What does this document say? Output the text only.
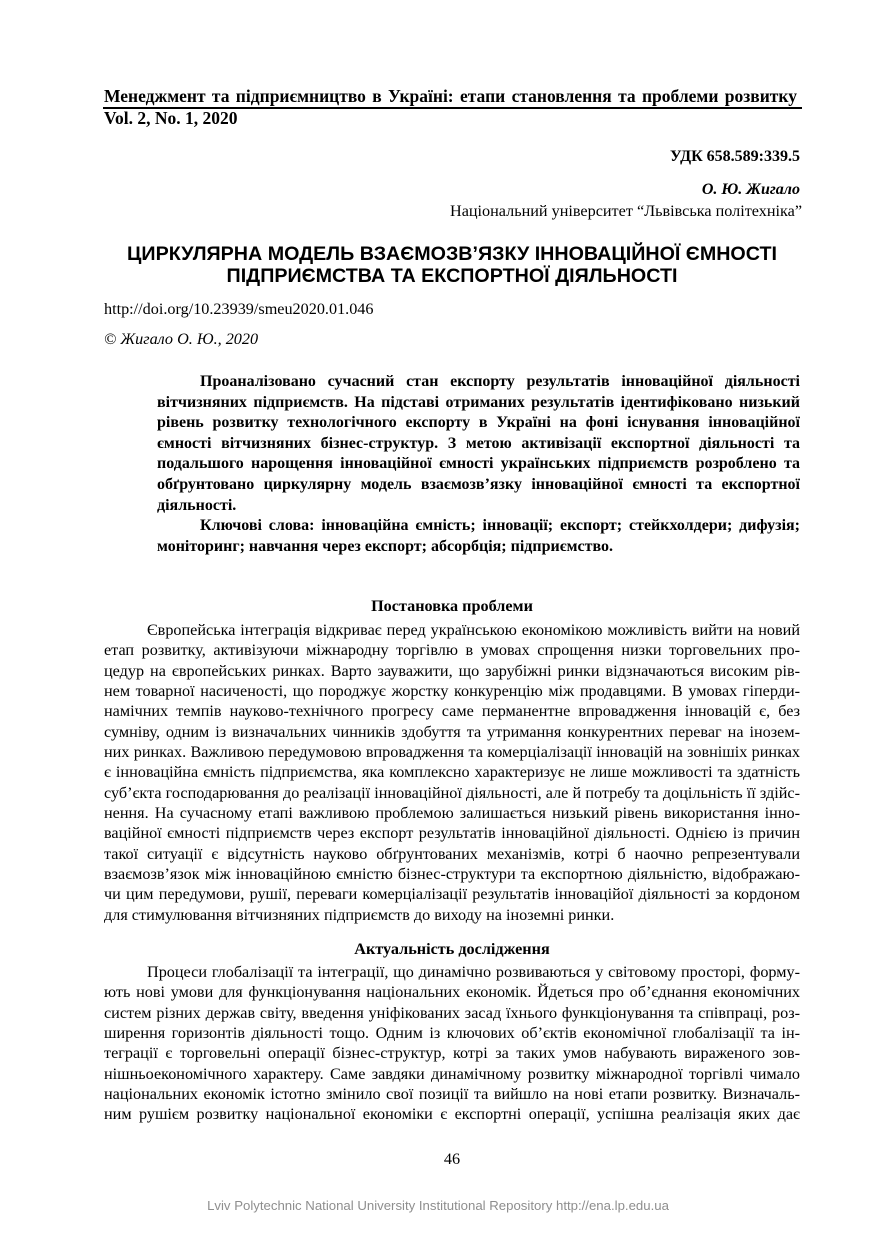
Менеджмент та підприємництво в Україні: етапи становлення та проблеми розвитку
Vol. 2, No. 1, 2020
УДК 658.589:339.5
О. Ю. Жигало
Національний університет “Львівська політехніка”
ЦИРКУЛЯРНА МОДЕЛЬ ВЗАЄМОЗВ’ЯЗКУ ІННОВАЦІЙНОЇ ЄМНОСТІ
ПІДПРИЄМСТВА ТА ЕКСПОРТНОЇ ДІЯЛЬНОСТІ
http://doi.org/10.23939/smeu2020.01.046
© Жигало О. Ю., 2020
Проаналізовано сучасний стан експорту результатів інноваційної діяльності
вітчизняних підприємств. На підставі отриманих результатів ідентифіковано низький
рівень розвитку технологічного експорту в Україні на фоні існування інноваційної
ємності вітчизняних бізнес-структур. З метою активізації експортної діяльності та
подальшого нарощення інноваційної ємності українських підприємств розроблено та
обґрунтовано циркулярну модель взаємозв’язку інноваційної ємності та експортної
діяльності.
Ключові слова: інноваційна ємність; інновації; експорт; стейкхолдери; дифузія;
моніторинг; навчання через експорт; абсорбція; підприємство.
Постановка проблеми
Європейська інтеграція відкриває перед українською економікою можливість вийти на новий
етап розвитку, активізуючи міжнародну торгівлю в умовах спрощення низки торговельних про-
цедур на європейських ринках. Варто зауважити, що зарубіжні ринки відзначаються високим рів-
нем товарної насиченості, що породжує жорстку конкуренцію між продавцями. В умовах гіперди-
намічних темпів науково-технічного прогресу саме перманентне впровадження інновацій є, без
сумніву, одним із визначальних чинників здобуття та утримання конкурентних переваг на інозем-
них ринках. Важливою передумовою впровадження та комерціалізації інновацій на зовнішіх ринках
є інноваційна ємність підприємства, яка комплексно характеризує не лише можливості та здатність
суб’єкта господарювання до реалізації інноваційної діяльності, але й потребу та доцільність її здійс-
нення. На сучасному етапі важливою проблемою залишається низький рівень використання інно-
ваційної ємності підприємств через експорт результатів інноваційної діяльності. Однією із причин
такої ситуації є відсутність науково обґрунтованих механізмів, котрі б наочно репрезентували
взаємозв’язок між інноваційною ємністю бізнес-структури та експортною діяльністю, відображаю-
чи цим передумови, рушії, переваги комерціалізації результатів інноваційої діяльності за кордоном
для стимулювання вітчизняних підприємств до виходу на іноземні ринки.
Актуальність дослідження
Процеси глобалізації та інтеграції, що динамічно розвиваються у світовому просторі, форму-
ють нові умови для функціонування національних економік. Йдеться про об’єднання економічних
систем різних держав світу, введення уніфікованих засад їхнього функціонування та співпраці, роз-
ширення горизонтів діяльності тощо. Одним із ключових об’єктів економічної глобалізації та ін-
теграції є торговельні операції бізнес-структур, котрі за таких умов набувають вираженого зов-
нішньоекономічного характеру. Саме завдяки динамічному розвитку міжнародної торгівлі чимало
національних економік істотно змінило свої позиції та вийшло на нові етапи розвитку. Визначаль-
ним рушієм розвитку національної економіки є експортні операції, успішна реалізація яких дає
46
Lviv Polytechnic National University Institutional Repository http://ena.lp.edu.ua
